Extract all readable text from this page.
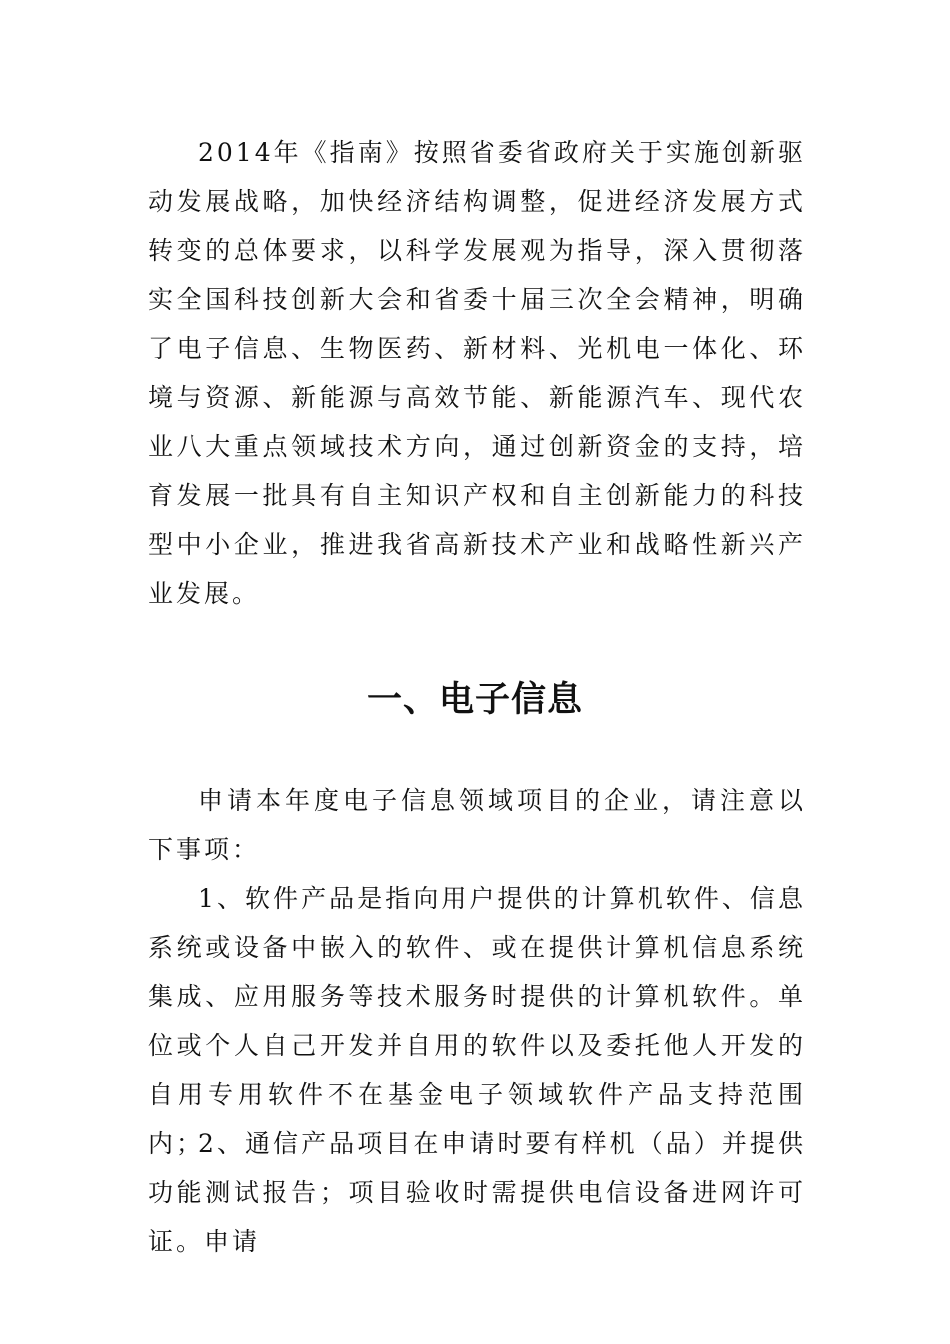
2014年《指南》按照省委省政府关于实施创新驱动发展战略，加快经济结构调整，促进经济发展方式转变的总体要求，以科学发展观为指导，深入贯彻落实全国科技创新大会和省委十届三次全会精神，明确了电子信息、生物医药、新材料、光机电一体化、环境与资源、新能源与高效节能、新能源汽车、现代农业八大重点领域技术方向，通过创新资金的支持，培育发展一批具有自主知识产权和自主创新能力的科技型中小企业，推进我省高新技术产业和战略性新兴产业发展。

一、电子信息

申请本年度电子信息领域项目的企业，请注意以下事项：

1、软件产品是指向用户提供的计算机软件、信息系统或设备中嵌入的软件、或在提供计算机信息系统集成、应用服务等技术服务时提供的计算机软件。单位或个人自己开发并自用的软件以及委托他人开发的自用专用软件不在基金电子领域软件产品支持范围内；

2、通信产品项目在申请时要有样机（品）并提供功能测试报告；项目验收时需提供电信设备进网许可证。申请
